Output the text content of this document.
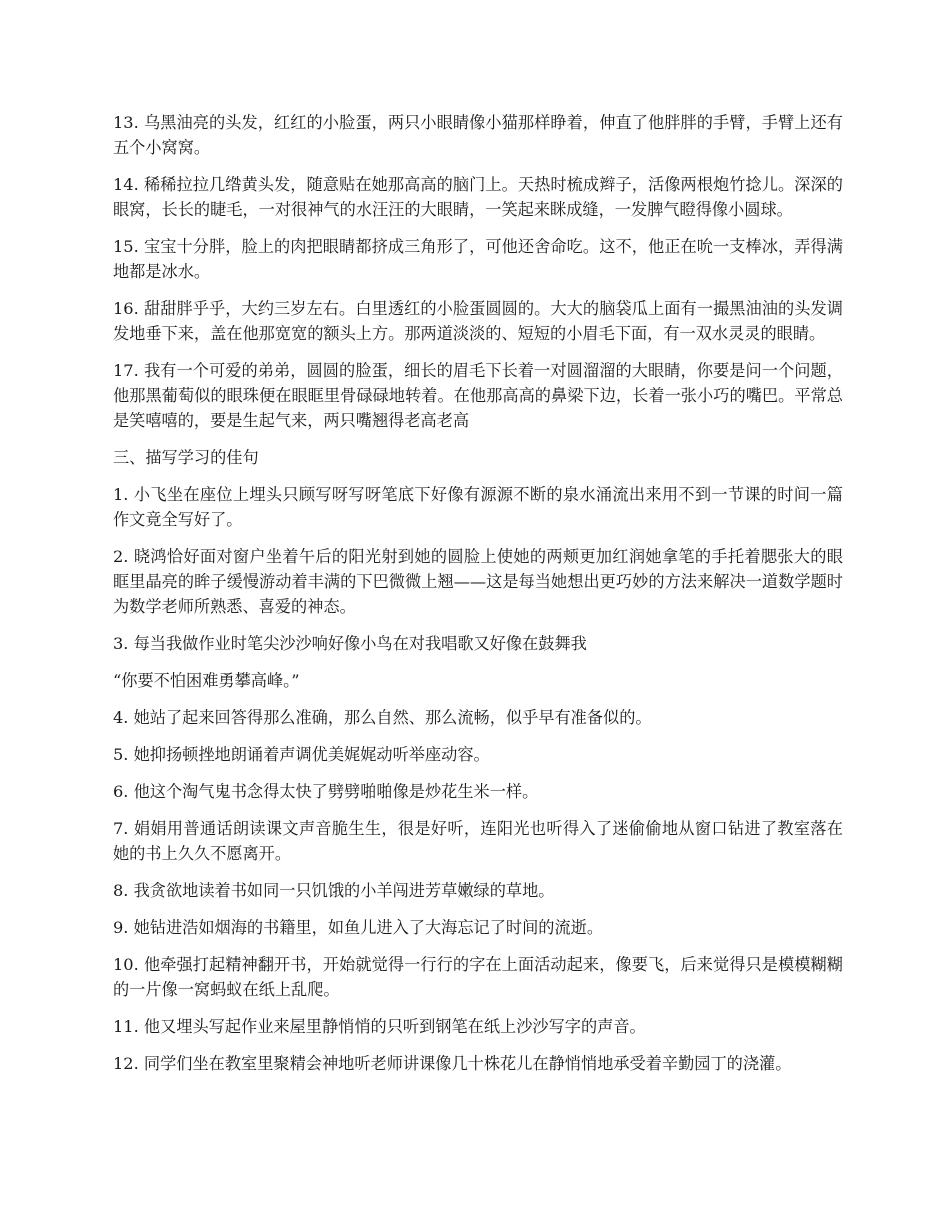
13. 乌黑油亮的头发，红红的小脸蛋，两只小眼睛像小猫那样睁着，伸直了他胖胖的手臂，手臂上还有五个小窝窝。

14. 稀稀拉拉几绺黄头发，随意贴在她那高高的脑门上。天热时梳成辫子，活像两根炮竹捻儿。深深的眼窝，长长的睫毛，一对很神气的水汪汪的大眼睛，一笑起来眯成缝，一发脾气瞪得像小圆球。

15. 宝宝十分胖，脸上的肉把眼睛都挤成三角形了，可他还舍命吃。这不，他正在吮一支棒冰，弄得满地都是冰水。

16. 甜甜胖乎乎，大约三岁左右。白里透红的小脸蛋圆圆的。大大的脑袋瓜上面有一撮黑油油的头发调发地垂下来，盖在他那宽宽的额头上方。那两道淡淡的、短短的小眉毛下面，有一双水灵灵的眼睛。

17. 我有一个可爱的弟弟，圆圆的脸蛋，细长的眉毛下长着一对圆溜溜的大眼睛，你要是问一个问题，他那黑葡萄似的眼珠便在眼眶里骨碌碌地转着。在他那高高的鼻梁下边，长着一张小巧的嘴巴。平常总是笑嘻嘻的，要是生起气来，两只嘴翘得老高老高

三、描写学习的佳句

1. 小飞坐在座位上埋头只顾写呀写呀笔底下好像有源源不断的泉水涌流出来用不到一节课的时间一篇作文竟全写好了。

2. 晓鸿恰好面对窗户坐着午后的阳光射到她的圆脸上使她的两颊更加红润她拿笔的手托着腮张大的眼眶里晶亮的眸子缓慢游动着丰满的下巴微微上翘——这是每当她想出更巧妙的方法来解决一道数学题时为数学老师所熟悉、喜爱的神态。

3. 每当我做作业时笔尖沙沙响好像小鸟在对我唱歌又好像在鼓舞我

“你要不怕困难勇攀高峰。”

4. 她站了起来回答得那么准确，那么自然、那么流畅，似乎早有准备似的。

5. 她抑扬顿挫地朗诵着声调优美娓娓动听举座动容。

6. 他这个淘气鬼书念得太快了劈劈啪啪像是炒花生米一样。

7. 娟娟用普通话朗读课文声音脆生生，很是好听，连阳光也听得入了迷偷偷地从窗口钻进了教室落在她的书上久久不愿离开。

8. 我贪欲地读着书如同一只饥饿的小羊闯进芳草嫩绿的草地。

9. 她钻进浩如烟海的书籍里，如鱼儿进入了大海忘记了时间的流逝。

10. 他牵强打起精神翻开书，开始就觉得一行行的字在上面活动起来，像要飞，后来觉得只是模模糊糊的一片像一窝蚂蚁在纸上乱爬。

11. 他又埋头写起作业来屋里静悄悄的只听到钢笔在纸上沙沙写字的声音。

12. 同学们坐在教室里聚精会神地听老师讲课像几十株花儿在静悄悄地承受着辛勤园丁的浇灌。
